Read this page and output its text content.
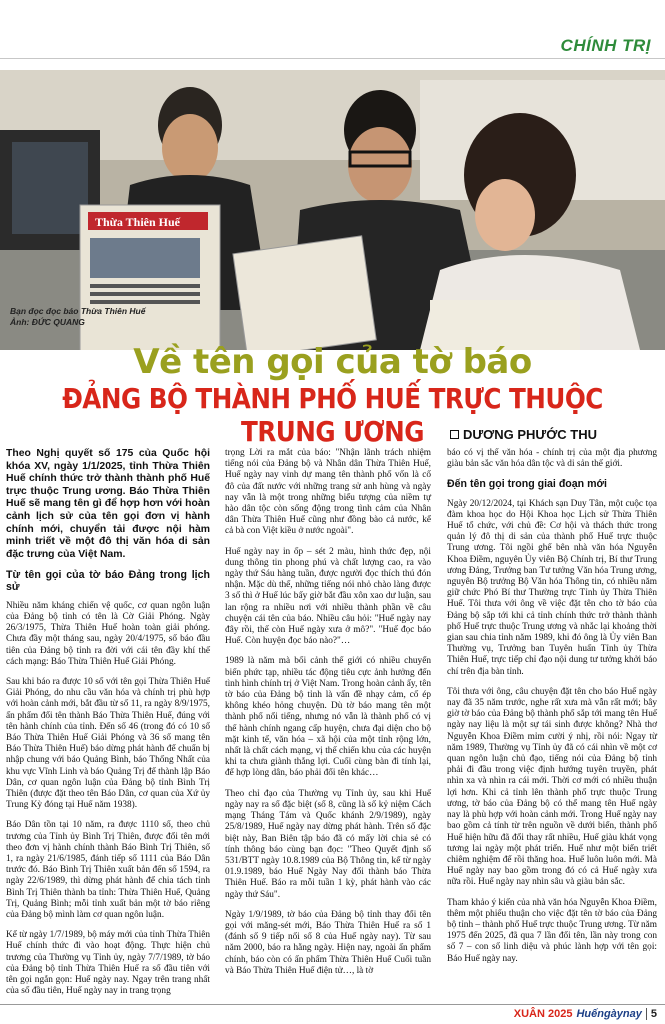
CHÍNH TRỊ
Thừa Thiên Huế
Bạn đọc đọc báo Thừa Thiên Huế
Ảnh: ĐỨC QUANG
Về tên gọi của tờ báo
ĐẢNG BỘ THÀNH PHỐ HUẾ TRỰC THUỘC TRUNG ƯƠNG	DƯƠNG PHƯỚC THU

Theo Nghị quyết số 175 của Quốc hội khóa XV, ngày 1/1/2025, tỉnh Thừa Thiên Huế chính thức trở thành thành phố Huế trực thuộc Trung ương. Báo Thừa Thiên Huế sẽ mang tên gì để hợp hơn với hoàn cảnh lịch sử của tên gọi đơn vị hành chính mới, chuyển tải được nội hàm minh triết về một đô thị văn hóa di sản đặc trưng của Việt Nam.

Từ tên gọi của tờ báo Đảng trong lịch sử

Nhiều năm kháng chiến vệ quốc, cơ quan ngôn luận của Đảng bộ tỉnh có tên là Cờ Giải Phóng. Ngày 26/3/1975, Thừa Thiên Huế hoàn toàn giải phóng. Chưa đầy một tháng sau, ngày 20/4/1975, số báo đầu tiên của Đảng bộ tỉnh ra đời với cái tên đầy khí thế cách mạng: Báo Thừa Thiên Huế Giải Phóng.

Sau khi báo ra được 10 số với tên gọi Thừa Thiên Huế Giải Phóng, do nhu cầu văn hóa và chính trị phù hợp với hoàn cảnh mới, bắt đầu từ số 11, ra ngày 8/9/1975, ấn phẩm đổi tên thành Báo Thừa Thiên Huế, đúng với tên hành chính của tỉnh. Đến số 46 (trong đó có 10 số Báo Thừa Thiên Huế Giải Phóng và 36 số mang tên Báo Thừa Thiên Huế) báo dừng phát hành để chuẩn bị nhập chung với báo Quảng Bình, báo Thống Nhất của khu vực Vĩnh Linh và báo Quảng Trị để thành lập Báo Dân, cơ quan ngôn luận của Đảng bộ tỉnh Bình Trị Thiên (được đặt theo tên Báo Dân, cơ quan của Xứ ủy Trung Kỳ đóng tại Huế năm 1938).

Báo Dân tồn tại 10 năm, ra được 1110 số, theo chủ trương của Tỉnh ủy Bình Trị Thiên, được đổi tên mới theo đơn vị hành chính thành Báo Bình Trị Thiên, số 1, ra ngày 21/6/1985, đánh tiếp số 1111 của Báo Dân trước đó. Báo Bình Trị Thiên xuất bản đến số 1594, ra ngày 22/6/1989, thì dừng phát hành để chia tách tỉnh Bình Trị Thiên thành ba tỉnh: Thừa Thiên Huế, Quảng Trị, Quảng Bình; mỗi tỉnh xuất bản một tờ báo riêng của Đảng bộ mình làm cơ quan ngôn luận.

Kể từ ngày 1/7/1989, bộ máy mới của tỉnh Thừa Thiên Huế chính thức đi vào hoạt động. Thực hiện chủ trương của Thường vụ Tỉnh ủy, ngày 7/7/1989, tờ báo của Đảng bộ tỉnh Thừa Thiên Huế ra số đầu tiên với tên gọi ngắn gọn: Huế ngày nay. Ngay trên trang nhất của số đầu tiên, Huế ngày nay in trang trọng

trọng Lời ra mắt của báo: "Nhận lãnh trách nhiệm tiếng nói của Đảng bộ và Nhân dân Thừa Thiên Huế, Huế ngày nay vinh dự mang tên thành phố vốn là cố đô của đất nước với những trang sử anh hùng và ngày nay vẫn là một trong những biểu tượng của niềm tự hào dân tộc còn sống động trong tình cảm của Nhân dân Thừa Thiên Huế cũng như đồng bào cả nước, kể cả bà con Việt kiều ở nước ngoài".

Huế ngày nay in ốp – sét 2 màu, hình thức đẹp, nội dung thông tin phong phú và chất lượng cao, ra vào ngày thứ Sáu hàng tuần, được người đọc thích thú đón nhận. Mặc dù thế, những tiếng nói nhỏ chào làng được 3 số thì ở Huế lúc bấy giờ bắt đầu xôn xao dư luận, sau lan rộng ra nhiều nơi với nhiều thành phần về câu chuyện cái tên của báo. Nhiều câu hỏi: "Huế ngày nay đây rồi, thế còn Huế ngày xưa ở mô?". "Huế đọc báo Huế. Còn huyện đọc báo nào?"…

1989 là năm mà bối cảnh thế giới có nhiều chuyển biến phức tạp, nhiều tác động tiêu cực ảnh hưởng đến tình hình chính trị ở Việt Nam. Trong hoàn cảnh ấy, tên tờ báo của Đảng bộ tỉnh là vấn đề nhạy cảm, cố ép không khéo hỏng chuyện. Dù tờ báo mang tên một thành phố nổi tiếng, nhưng nó vẫn là thành phố có vị thế hành chính ngang cấp huyện, chưa đại diện cho bộ mặt kinh tế, văn hóa – xã hội của một tỉnh rộng lớn, nhất là chất cách mạng, vị thế chiến khu của các huyện khi ta chưa giành thắng lợi. Cuối cùng bàn đi tính lại, để hợp lòng dân, báo phải đổi tên khác…

Theo chỉ đạo của Thường vụ Tỉnh ủy, sau khi Huế ngày nay ra số đặc biệt (số 8, cũng là số kỷ niệm Cách mạng Tháng Tám và Quốc khánh 2/9/1989), ngày 25/8/1989, Huế ngày nay dừng phát hành. Trên số đặc biệt này, Ban Biên tập báo đã có mấy lời chia sẻ có tính thông báo cùng bạn đọc: "Theo Quyết định số 531/BTT ngày 10.8.1989 của Bộ Thông tin, kể từ ngày 01.9.1989, báo Huế Ngày Nay đổi thành báo Thừa Thiên Huế. Báo ra mỗi tuần 1 kỳ, phát hành vào các ngày thứ Sáu".

Ngày 1/9/1989, tờ báo của Đảng bộ tỉnh thay đổi tên gọi với măng-sét mới, Báo Thừa Thiên Huế ra số 1 (đánh số 9 tiếp nối số 8 của Huế ngày nay). Từ sau năm 2000, báo ra hằng ngày. Hiện nay, ngoài ấn phẩm chính, báo còn có ấn phẩm Thừa Thiên Huế Cuối tuần và Báo Thừa Thiên Huế điện tử…, là tờ

báo có vị thế văn hóa - chính trị của một địa phương giàu bản sắc văn hóa dân tộc và di sản thế giới.

Đến tên gọi trong giai đoạn mới

Ngày 20/12/2024, tại Khách sạn Duy Tân, một cuộc tọa đàm khoa học do Hội Khoa học Lịch sử Thừa Thiên Huế tổ chức, với chủ đề: Cơ hội và thách thức trong quản lý đô thị di sản của thành phố Huế trực thuộc Trung ương. Tôi ngồi ghế bên nhà văn hóa Nguyễn Khoa Điềm, nguyên Ủy viên Bộ Chính trị, Bí thư Trung ương Đảng, Trưởng ban Tư tưởng Văn hóa Trung ương, nguyên Bộ trưởng Bộ Văn hóa Thông tin, có nhiều năm giữ chức Phó Bí thư Thường trực Tỉnh ủy Thừa Thiên Huế. Tôi thưa với ông về việc đặt tên cho tờ báo của Đảng bộ sắp tới khi cả tỉnh chính thức trở thành thành phố Huế trực thuộc Trung ương và nhắc lại khoảng thời gian sau chia tỉnh năm 1989, khi đó ông là Ủy viên Ban Thường vụ, Trưởng ban Tuyên huấn Tỉnh ủy Thừa Thiên Huế, trực tiếp chỉ đạo nội dung tư tưởng khởi báo chí trên địa bàn tỉnh.

Tôi thưa với ông, câu chuyện đặt tên cho báo Huế ngày nay đã 35 năm trước, nghe rất xưa mà vẫn rất mới; bây giờ tờ báo của Đảng bộ thành phố sắp tới mang tên Huế ngày nay liệu là một sự tái sinh được không? Nhà thơ Nguyễn Khoa Điềm mỉm cười ý nhị, rồi nói: Ngay từ năm 1989, Thường vụ Tỉnh ủy đã có cái nhìn về một cơ quan ngôn luận chủ đạo, tiếng nói của Đảng bộ tỉnh phải đi đầu trong việc định hướng tuyên truyền, phát nhìn xa và nhìn ra cái mới. Thời cơ mới có nhiều thuận lợi hơn. Khi cả tỉnh lên thành phố trực thuộc Trung ương, tờ báo của Đảng bộ có thể mang tên Huế ngày nay là phù hợp với hoàn cảnh mới. Trong Huế ngày nay bao gồm cả tính từ trên nguồn về dưới biển, thành phố Huế hiện hữu đã đổi thay rất nhiều, Huế giàu khát vọng tương lai ngày một phát triển. Huế như một biển triết chiêm nghiệm để rồi thăng hoa. Huế luôn luôn mới. Mà Huế ngày nay bao gồm trong đó có cả Huế ngày xưa nữa rồi. Huế ngày nay nhìn sâu và giàu bản sắc.

Tham khảo ý kiến của nhà văn hóa Nguyễn Khoa Điềm, thêm một phiếu thuận cho việc đặt tên tờ báo của Đảng bộ tỉnh – thành phố Huế trực thuộc Trung ương. Từ năm 1975 đến 2025, đã qua 7 lần đổi tên, lần này trong con số 7 – con số linh diệu và phúc lành hợp với tên gọi: Báo Huế ngày nay.

XUÂN 2025 Huếngàynay 5
